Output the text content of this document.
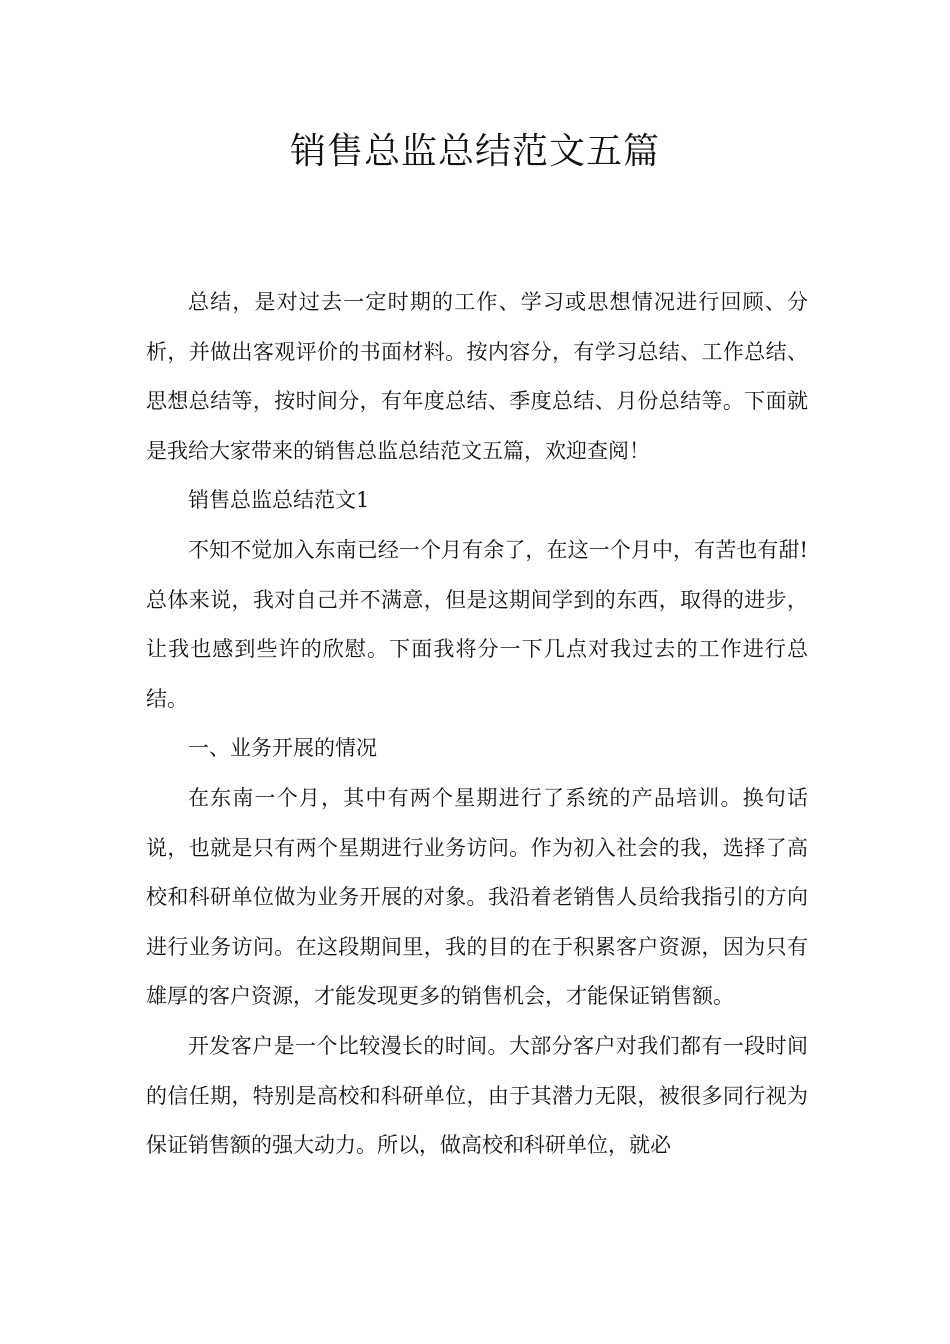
销售总监总结范文五篇

总结，是对过去一定时期的工作、学习或思想情况进行回顾、分析，并做出客观评价的书面材料。按内容分，有学习总结、工作总结、思想总结等，按时间分，有年度总结、季度总结、月份总结等。下面就是我给大家带来的销售总监总结范文五篇，欢迎查阅！

销售总监总结范文1

不知不觉加入东南已经一个月有余了，在这一个月中，有苦也有甜!总体来说，我对自己并不满意，但是这期间学到的东西，取得的进步，让我也感到些许的欣慰。下面我将分一下几点对我过去的工作进行总结。

一、业务开展的情况

在东南一个月，其中有两个星期进行了系统的产品培训。换句话说，也就是只有两个星期进行业务访问。作为初入社会的我，选择了高校和科研单位做为业务开展的对象。我沿着老销售人员给我指引的方向进行业务访问。在这段期间里，我的目的在于积累客户资源，因为只有雄厚的客户资源，才能发现更多的销售机会，才能保证销售额。

开发客户是一个比较漫长的时间。大部分客户对我们都有一段时间的信任期，特别是高校和科研单位，由于其潜力无限，被很多同行视为保证销售额的强大动力。所以，做高校和科研单位，就必
